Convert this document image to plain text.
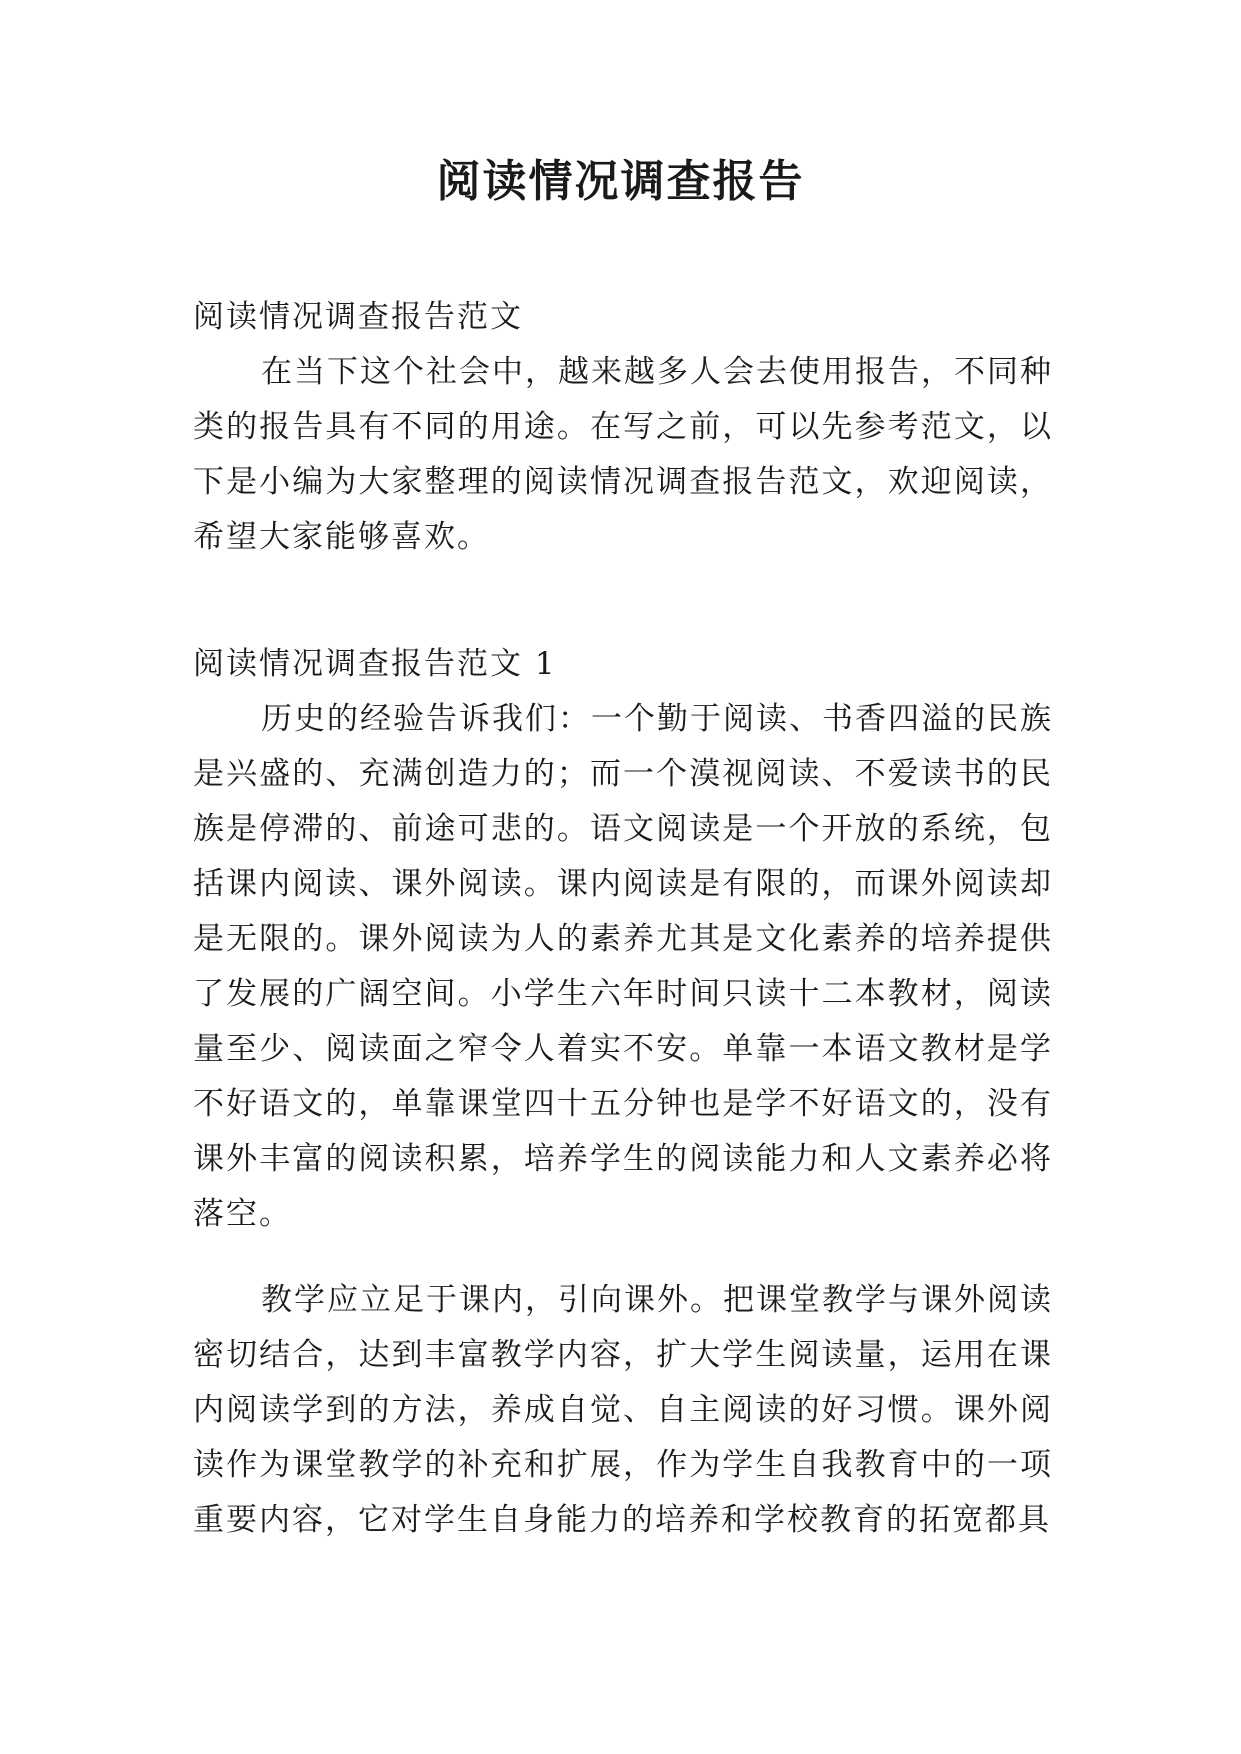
阅读情况调查报告

阅读情况调查报告范文

在当下这个社会中，越来越多人会去使用报告，不同种类的报告具有不同的用途。在写之前，可以先参考范文，以下是小编为大家整理的阅读情况调查报告范文，欢迎阅读，希望大家能够喜欢。

阅读情况调查报告范文 1

历史的经验告诉我们：一个勤于阅读、书香四溢的民族是兴盛的、充满创造力的；而一个漠视阅读、不爱读书的民族是停滞的、前途可悲的。语文阅读是一个开放的系统，包括课内阅读、课外阅读。课内阅读是有限的，而课外阅读却是无限的。课外阅读为人的素养尤其是文化素养的培养提供了发展的广阔空间。小学生六年时间只读十二本教材，阅读量至少、阅读面之窄令人着实不安。单靠一本语文教材是学不好语文的，单靠课堂四十五分钟也是学不好语文的，没有课外丰富的阅读积累，培养学生的阅读能力和人文素养必将落空。

教学应立足于课内，引向课外。把课堂教学与课外阅读密切结合，达到丰富教学内容，扩大学生阅读量，运用在课内阅读学到的方法，养成自觉、自主阅读的好习惯。课外阅读作为课堂教学的补充和扩展，作为学生自我教育中的一项重要内容，它对学生自身能力的培养和学校教育的拓宽都具
